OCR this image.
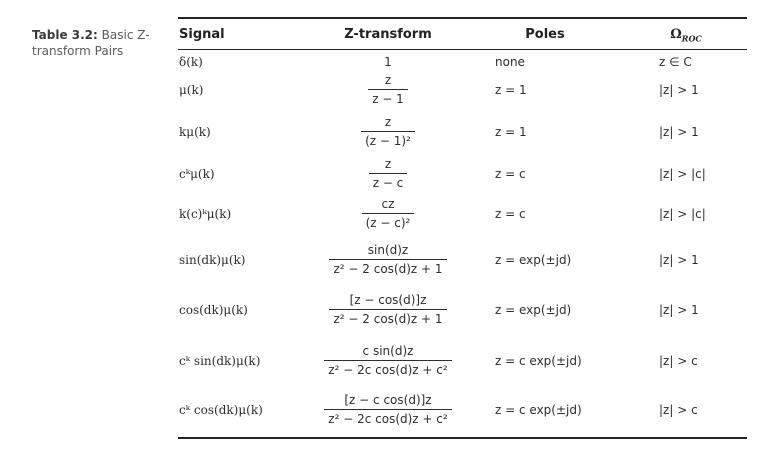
Table 3.2: Basic Z-transform Pairs
Signal	Z-transform	Poles	$\Omega_{ROC}$
δ(k)	1	none	z ∈ C
μ(k)	$\frac{z}{z - 1}$	z = 1	|z| > 1
kμ(k)	$\frac{z}{\text{(z − 1)²}}$	z = 1	|z| > 1
cᵏμ(k)	$\frac{z}{z - c}$	z = c	|z| > |c|
k(c)ᵏμ(k)	$\frac{cz}{\text{(z − c)²}}$	z = c	|z| > |c|
sin(dk)μ(k)	$\frac{\sin(d)z}{\text{z² − 2 cos(d)z + 1}}$	z = exp(±jd)	|z| > 1
cos(dk)μ(k)	$\frac{[z - \cos(d)]z}{\text{z² − 2 cos(d)z + 1}}$	z = exp(±jd)	|z| > 1
cᵏ sin(dk)μ(k)	$\frac{\text{c sin(d)z}}{\text{z² − 2c cos(d)z + c²}}$	z = c exp(±jd)	|z| > c
cᵏ cos(dk)μ(k)	$\frac{\text{[z − c cos(d)]z}}{\text{z² − 2c cos(d)z + c²}}$	z = c exp(±jd)	|z| > c
